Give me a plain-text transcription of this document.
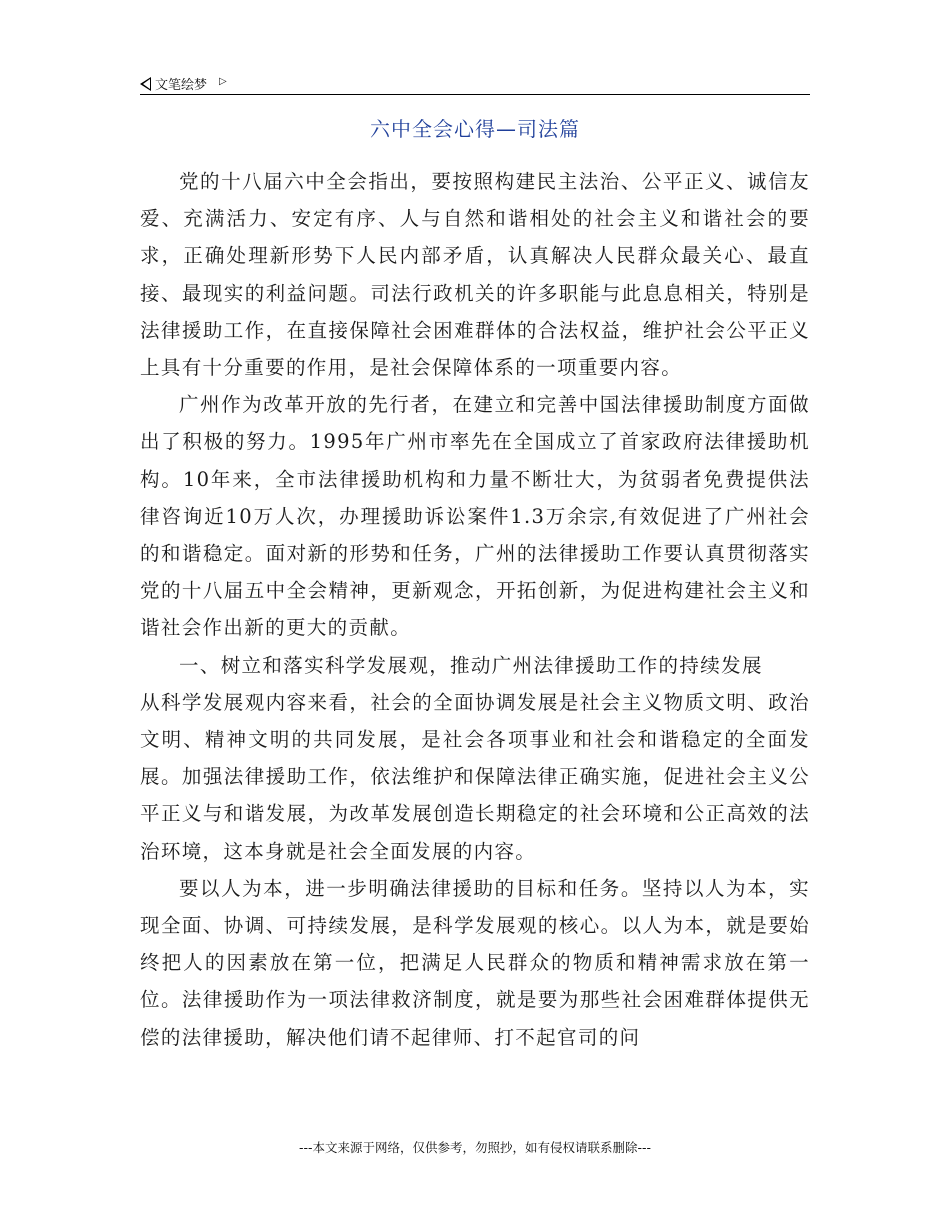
文笔绘梦 ▷
六中全会心得—司法篇

党的十八届六中全会指出，要按照构建民主法治、公平正义、诚信友爱、充满活力、安定有序、人与自然和谐相处的社会主义和谐社会的要求，正确处理新形势下人民内部矛盾，认真解决人民群众最关心、最直接、最现实的利益问题。司法行政机关的许多职能与此息息相关，特别是法律援助工作，在直接保障社会困难群体的合法权益，维护社会公平正义上具有十分重要的作用，是社会保障体系的一项重要内容。

广州作为改革开放的先行者，在建立和完善中国法律援助制度方面做出了积极的努力。1995年广州市率先在全国成立了首家政府法律援助机构。10年来，全市法律援助机构和力量不断壮大，为贫弱者免费提供法律咨询近10万人次，办理援助诉讼案件1.3万余宗,有效促进了广州社会的和谐稳定。面对新的形势和任务，广州的法律援助工作要认真贯彻落实党的十八届五中全会精神，更新观念，开拓创新，为促进构建社会主义和谐社会作出新的更大的贡献。

一、树立和落实科学发展观，推动广州法律援助工作的持续发展

从科学发展观内容来看，社会的全面协调发展是社会主义物质文明、政治文明、精神文明的共同发展，是社会各项事业和社会和谐稳定的全面发展。加强法律援助工作，依法维护和保障法律正确实施，促进社会主义公平正义与和谐发展，为改革发展创造长期稳定的社会环境和公正高效的法治环境，这本身就是社会全面发展的内容。

要以人为本，进一步明确法律援助的目标和任务。坚持以人为本，实现全面、协调、可持续发展，是科学发展观的核心。以人为本，就是要始终把人的因素放在第一位，把满足人民群众的物质和精神需求放在第一位。法律援助作为一项法律救济制度，就是要为那些社会困难群体提供无偿的法律援助，解决他们请不起律师、打不起官司的问

---本文来源于网络，仅供参考，勿照抄，如有侵权请联系删除---
